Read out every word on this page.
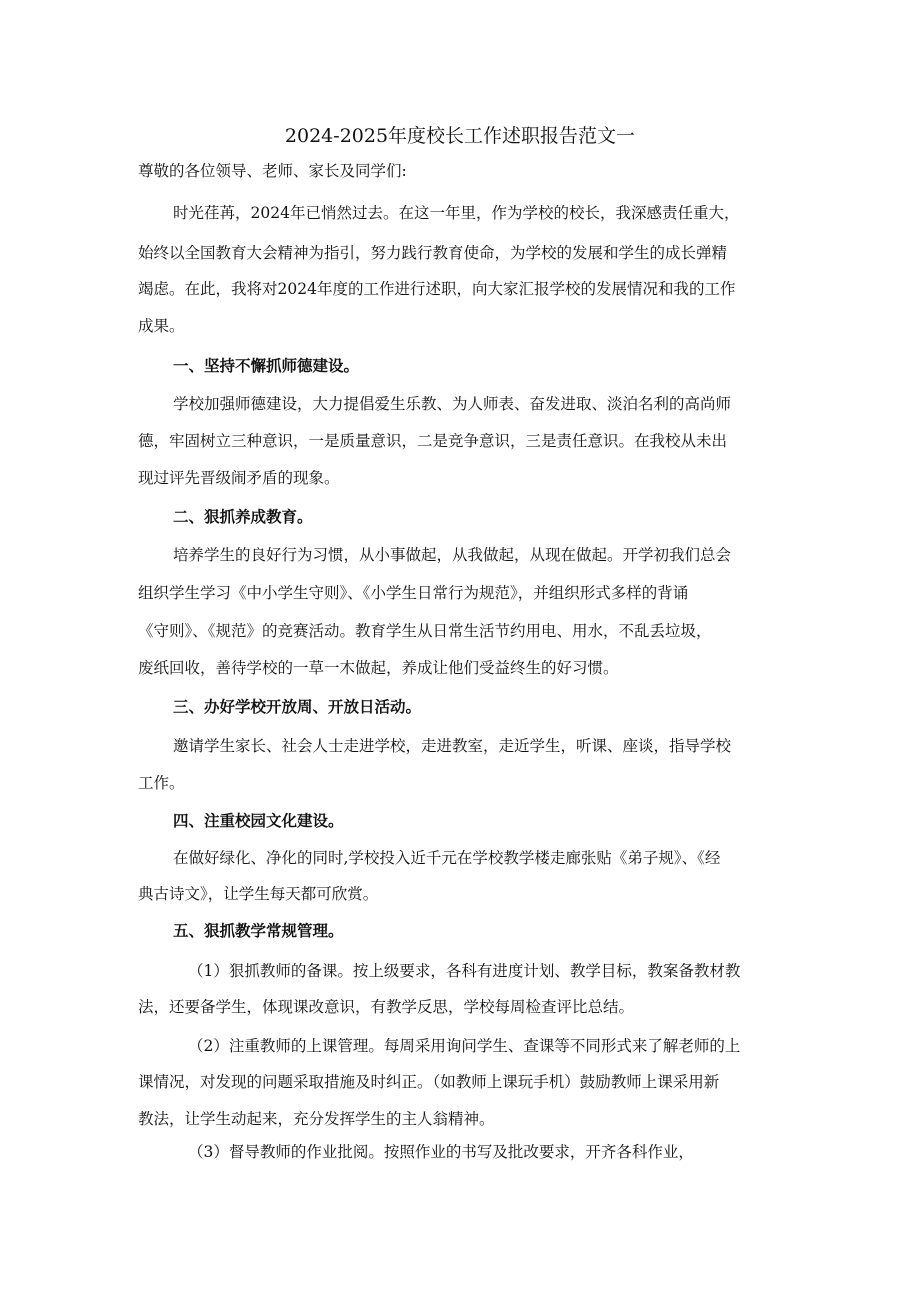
2024-2025年度校长工作述职报告范文一
尊敬的各位领导、老师、家长及同学们:
时光荏苒，2024年已悄然过去。在这一年里，作为学校的校长，我深感责任重大，
始终以全国教育大会精神为指引，努力践行教育使命，为学校的发展和学生的成长弹精
竭虑。在此，我将对2024年度的工作进行述职，向大家汇报学校的发展情况和我的工作
成果。
一、坚持不懈抓师德建设。
学校加强师德建设，大力提倡爱生乐教、为人师表、奋发进取、淡泊名利的高尚师
德，牢固树立三种意识，一是质量意识，二是竞争意识，三是责任意识。在我校从未出
现过评先晋级闹矛盾的现象。
二、狠抓养成教育。
培养学生的良好行为习惯，从小事做起，从我做起，从现在做起。开学初我们总会
组织学生学习《中小学生守则》、《小学生日常行为规范》，并组织形式多样的背诵
《守则》、《规范》的竞赛活动。教育学生从日常生活节约用电、用水，不乱丢垃圾，
废纸回收，善待学校的一草一木做起，养成让他们受益终生的好习惯。
三、办好学校开放周、开放日活动。
邀请学生家长、社会人士走进学校，走进教室，走近学生，听课、座谈，指导学校
工作。
四、注重校园文化建设。
在做好绿化、净化的同时,学校投入近千元在学校教学楼走廊张贴《弟子规》、《经
典古诗文》，让学生每天都可欣赏。
五、狠抓教学常规管理。
（1）狠抓教师的备课。按上级要求，各科有进度计划、教学目标，教案备教材教
法，还要备学生，体现课改意识，有教学反思，学校每周检查评比总结。
（2）注重教师的上课管理。每周采用询问学生、查课等不同形式来了解老师的上
课情况，对发现的问题采取措施及时纠正。（如教师上课玩手机）鼓励教师上课采用新
教法，让学生动起来，充分发挥学生的主人翁精神。
（3）督导教师的作业批阅。按照作业的书写及批改要求，开齐各科作业，
